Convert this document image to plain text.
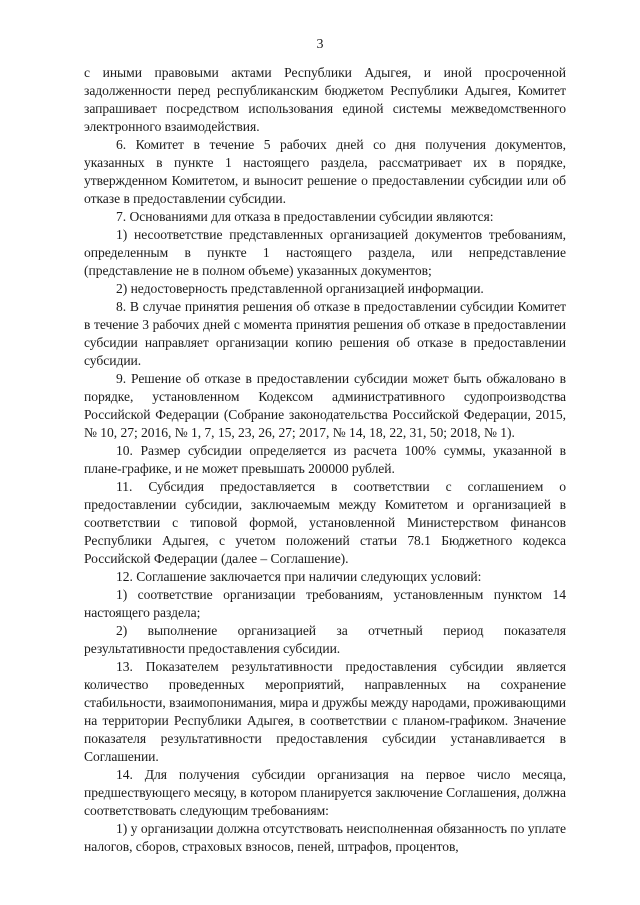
3

с иными правовыми актами Республики Адыгея, и иной просроченной задолженности перед республиканским бюджетом Республики Адыгея, Комитет запрашивает посредством использования единой системы межведомственного электронного взаимодействия.

6. Комитет в течение 5 рабочих дней со дня получения документов, указанных в пункте 1 настоящего раздела, рассматривает их в порядке, утвержденном Комитетом, и выносит решение о предоставлении субсидии или об отказе в предоставлении субсидии.

7. Основаниями для отказа в предоставлении субсидии являются:

1) несоответствие представленных организацией документов требованиям, определенным в пункте 1 настоящего раздела, или непредставление (представление не в полном объеме) указанных документов;

2) недостоверность представленной организацией информации.

8. В случае принятия решения об отказе в предоставлении субсидии Комитет в течение 3 рабочих дней с момента принятия решения об отказе в предоставлении субсидии направляет организации копию решения об отказе в предоставлении субсидии.

9. Решение об отказе в предоставлении субсидии может быть обжаловано в порядке, установленном Кодексом административного судопроизводства Российской Федерации (Собрание законодательства Российской Федерации, 2015, № 10, 27; 2016, № 1, 7, 15, 23, 26, 27; 2017, № 14, 18, 22, 31, 50; 2018, № 1).

10. Размер субсидии определяется из расчета 100% суммы, указанной в плане-графике, и не может превышать 200000 рублей.

11. Субсидия предоставляется в соответствии с соглашением о предоставлении субсидии, заключаемым между Комитетом и организацией в соответствии с типовой формой, установленной Министерством финансов Республики Адыгея, с учетом положений статьи 78.1 Бюджетного кодекса Российской Федерации (далее – Соглашение).

12. Соглашение заключается при наличии следующих условий:

1) соответствие организации требованиям, установленным пунктом 14 настоящего раздела;

2) выполнение организацией за отчетный период показателя результативности предоставления субсидии.

13. Показателем результативности предоставления субсидии является количество проведенных мероприятий, направленных на сохранение стабильности, взаимопонимания, мира и дружбы между народами, проживающими на территории Республики Адыгея, в соответствии с планом-графиком. Значение показателя результативности предоставления субсидии устанавливается в Соглашении.

14. Для получения субсидии организация на первое число месяца, предшествующего месяцу, в котором планируется заключение Соглашения, должна соответствовать следующим требованиям:

1) у организации должна отсутствовать неисполненная обязанность по уплате налогов, сборов, страховых взносов, пеней, штрафов, процентов,
